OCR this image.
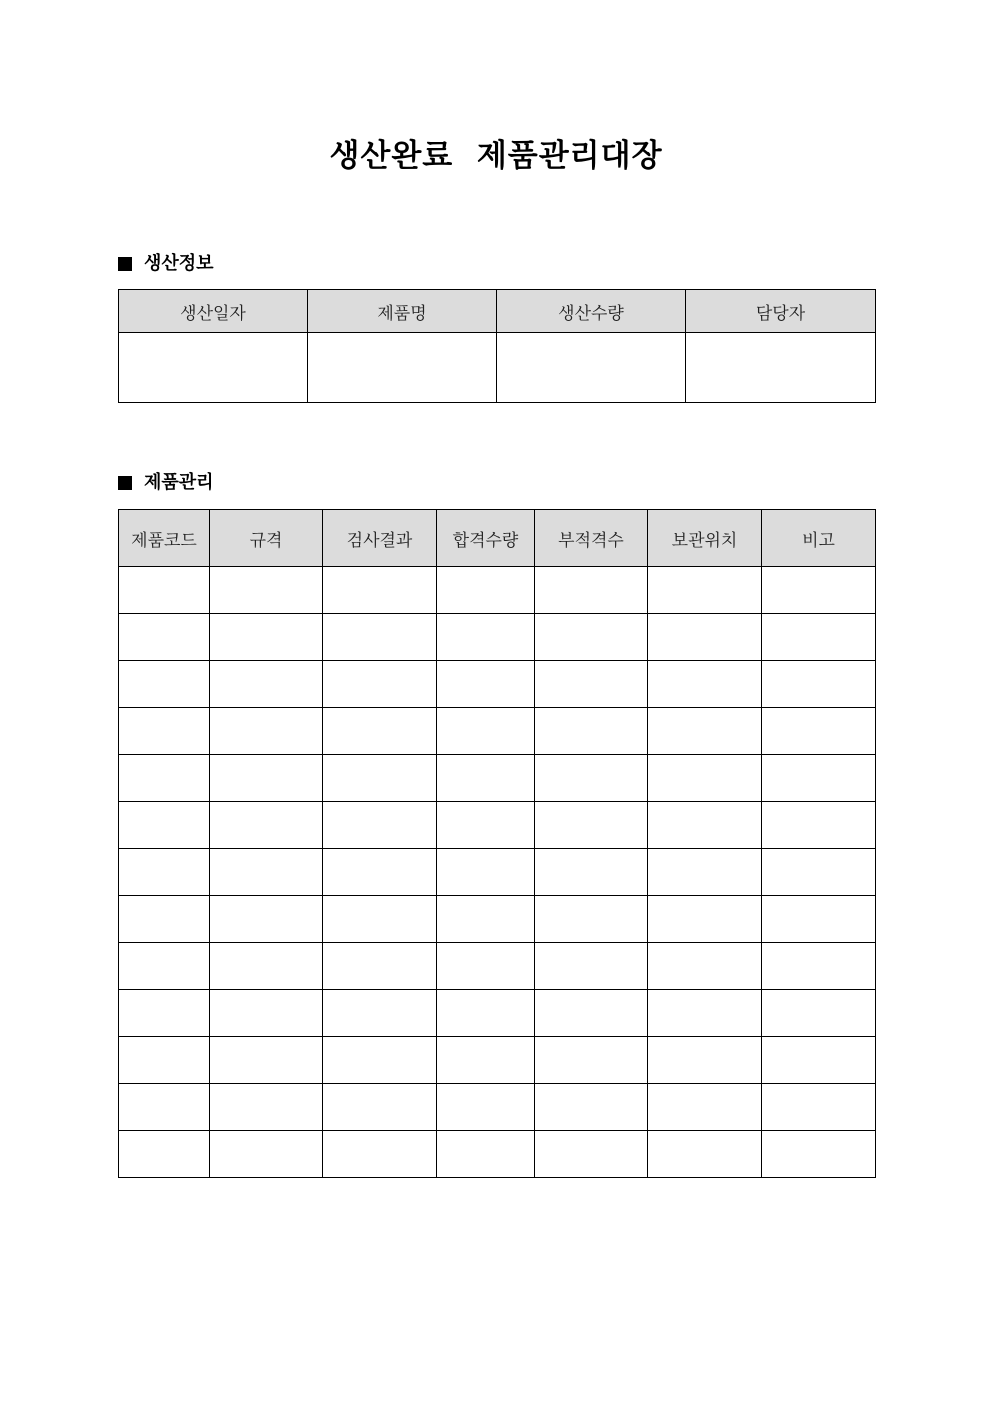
생산완료  제품관리대장
생산정보
생산일자	제품명	생산수량	담당자

제품관리
제품코드	규격	검사결과	합격수량	부적격수	보관위치	비고
